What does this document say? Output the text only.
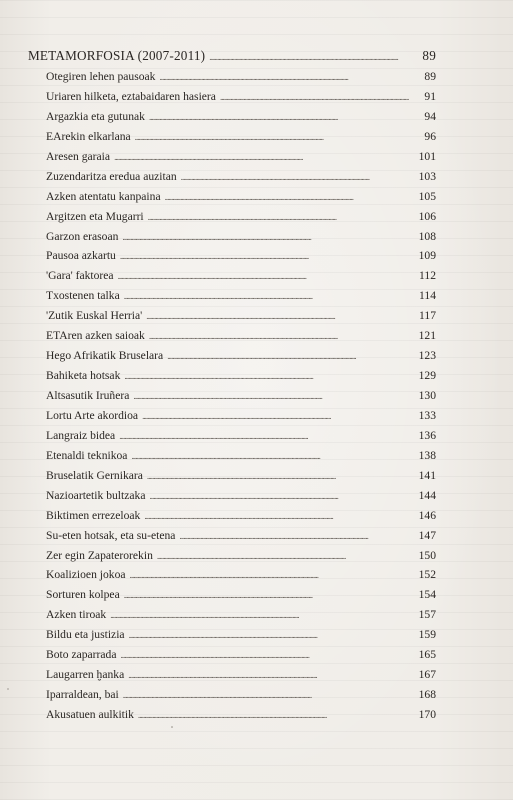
METAMORFOSIA (2007-2011) . . .	89
Otegiren lehen pausoak . . .	89
Uriaren hilketa, eztabaidaren hasiera . . .	91
Argazkia eta gutunak . . .	94
EArekin elkarlana . . .	96
Aresen garaia . . .	101
Zuzendaritza eredua auzitan . . .	103
Azken atentatu kanpaina . . .	105
Argitzen eta Mugarri . . .	106
Garzon erasoan . . .	108
Pausoa azkartu . . .	109
'Gara' faktorea . . .	112
Txostenen talka . . .	114
'Zutik Euskal Herria' . . .	117
ETAren azken saioak . . .	121
Hego Afrikatik Bruselara . . .	123
Bahiketa hotsak . . .	129
Altsasutik Iruñera . . .	130
Lortu Arte akordioa . . .	133
Langraiz bidea . . .	136
Etenaldi teknikoa . . .	138
Bruselatik Gernikara . . .	141
Nazioartetik bultzaka . . .	144
Biktimen errezeloak . . .	146
Su-eten hotsak, eta su-etena . . .	147
Zer egin Zapaterorekin . . .	150
Koalizioen jokoa . . .	152
Sorturen kolpea . . .	154
Azken tiroak . . .	157
Bildu eta justizia . . .	159
Boto zaparrada . . .	165
Laugarren ḫanka . . .	167
Iparraldean, bai . . .	168
Akusatuen aulkitik . . .	170
